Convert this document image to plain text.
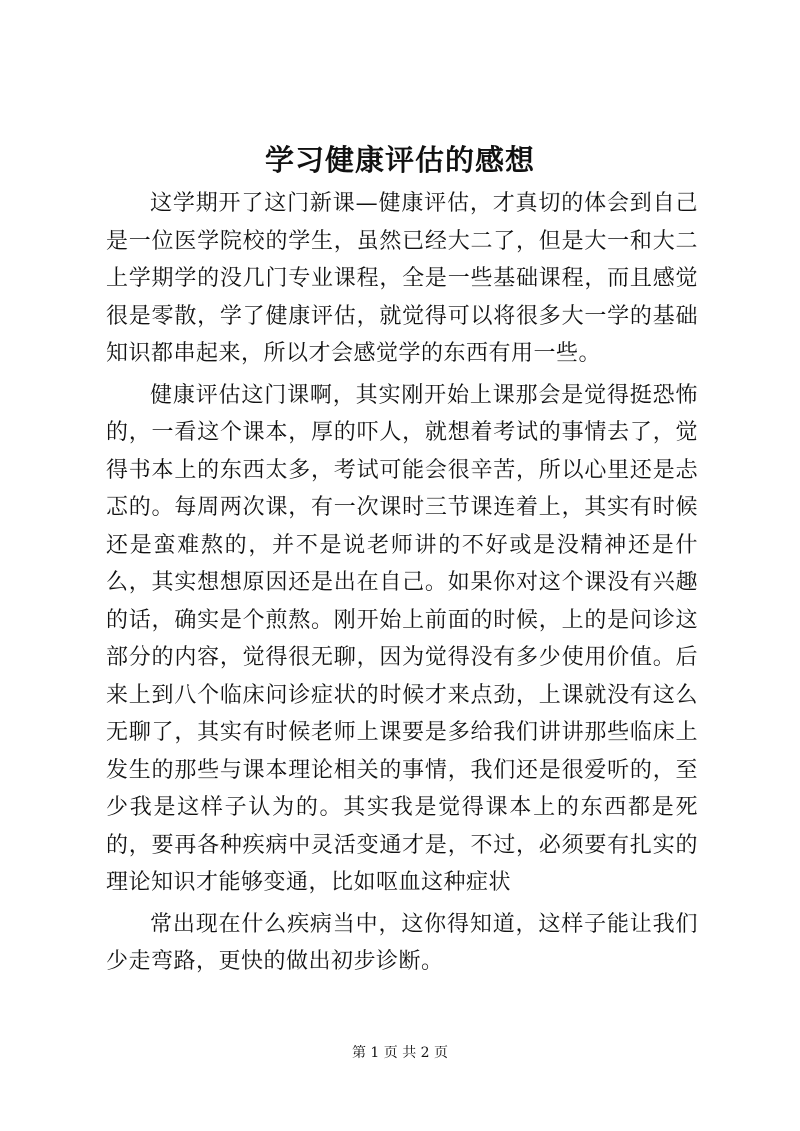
学习健康评估的感想

这学期开了这门新课—健康评估，才真切的体会到自己是一位医学院校的学生，虽然已经大二了，但是大一和大二上学期学的没几门专业课程，全是一些基础课程，而且感觉很是零散，学了健康评估，就觉得可以将很多大一学的基础知识都串起来，所以才会感觉学的东西有用一些。

健康评估这门课啊，其实刚开始上课那会是觉得挺恐怖的，一看这个课本，厚的吓人，就想着考试的事情去了，觉得书本上的东西太多，考试可能会很辛苦，所以心里还是忐忑的。每周两次课，有一次课时三节课连着上，其实有时候还是蛮难熬的，并不是说老师讲的不好或是没精神还是什么，其实想想原因还是出在自己。如果你对这个课没有兴趣的话，确实是个煎熬。刚开始上前面的时候，上的是问诊这部分的内容，觉得很无聊，因为觉得没有多少使用价值。后来上到八个临床问诊症状的时候才来点劲，上课就没有这么无聊了，其实有时候老师上课要是多给我们讲讲那些临床上发生的那些与课本理论相关的事情，我们还是很爱听的，至少我是这样子认为的。其实我是觉得课本上的东西都是死的，要再各种疾病中灵活变通才是，不过，必须要有扎实的理论知识才能够变通，比如呕血这种症状

常出现在什么疾病当中，这你得知道，这样子能让我们少走弯路，更快的做出初步诊断。

第 1 页 共 2 页
